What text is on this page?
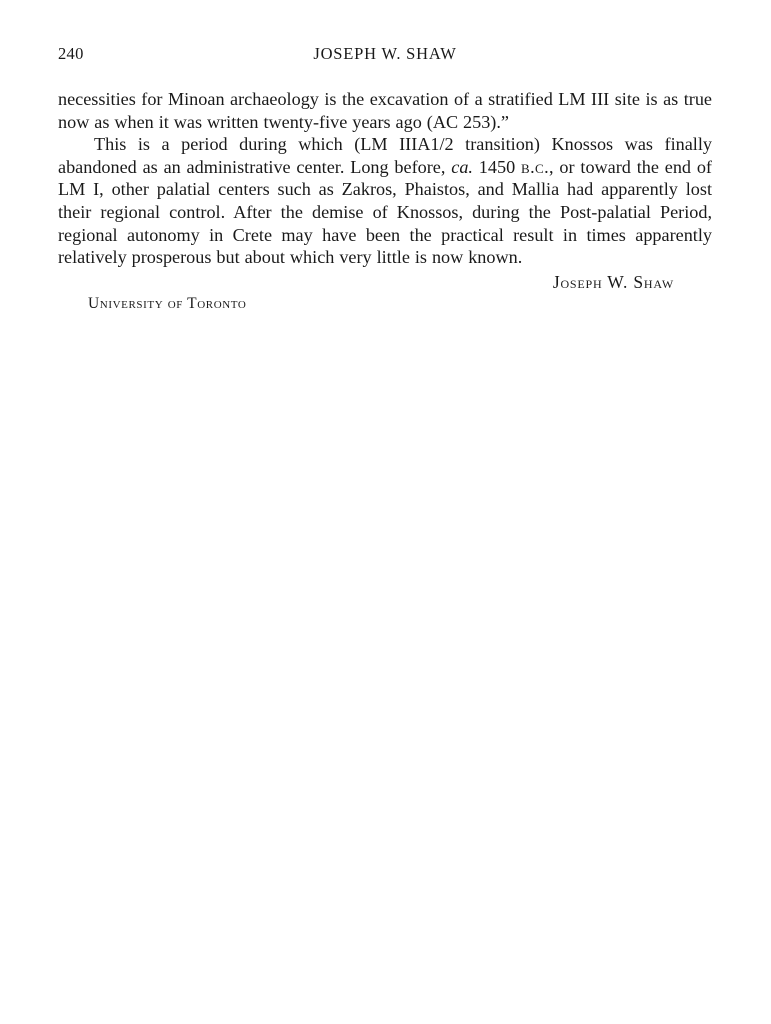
240	JOSEPH W. SHAW

necessities for Minoan archaeology is the excavation of a stratified LM III site is as true now as when it was written twenty-five years ago (AC 253).”

This is a period during which (LM IIIA1/2 transition) Knossos was finally abandoned as an administrative center. Long before, ca. 1450 b.c., or toward the end of LM I, other palatial centers such as Zakros, Phaistos, and Mallia had apparently lost their regional control. After the demise of Knossos, during the Post-palatial Period, regional autonomy in Crete may have been the practical result in times apparently relatively prosperous but about which very little is now known.

Joseph W. Shaw
University of Toronto
